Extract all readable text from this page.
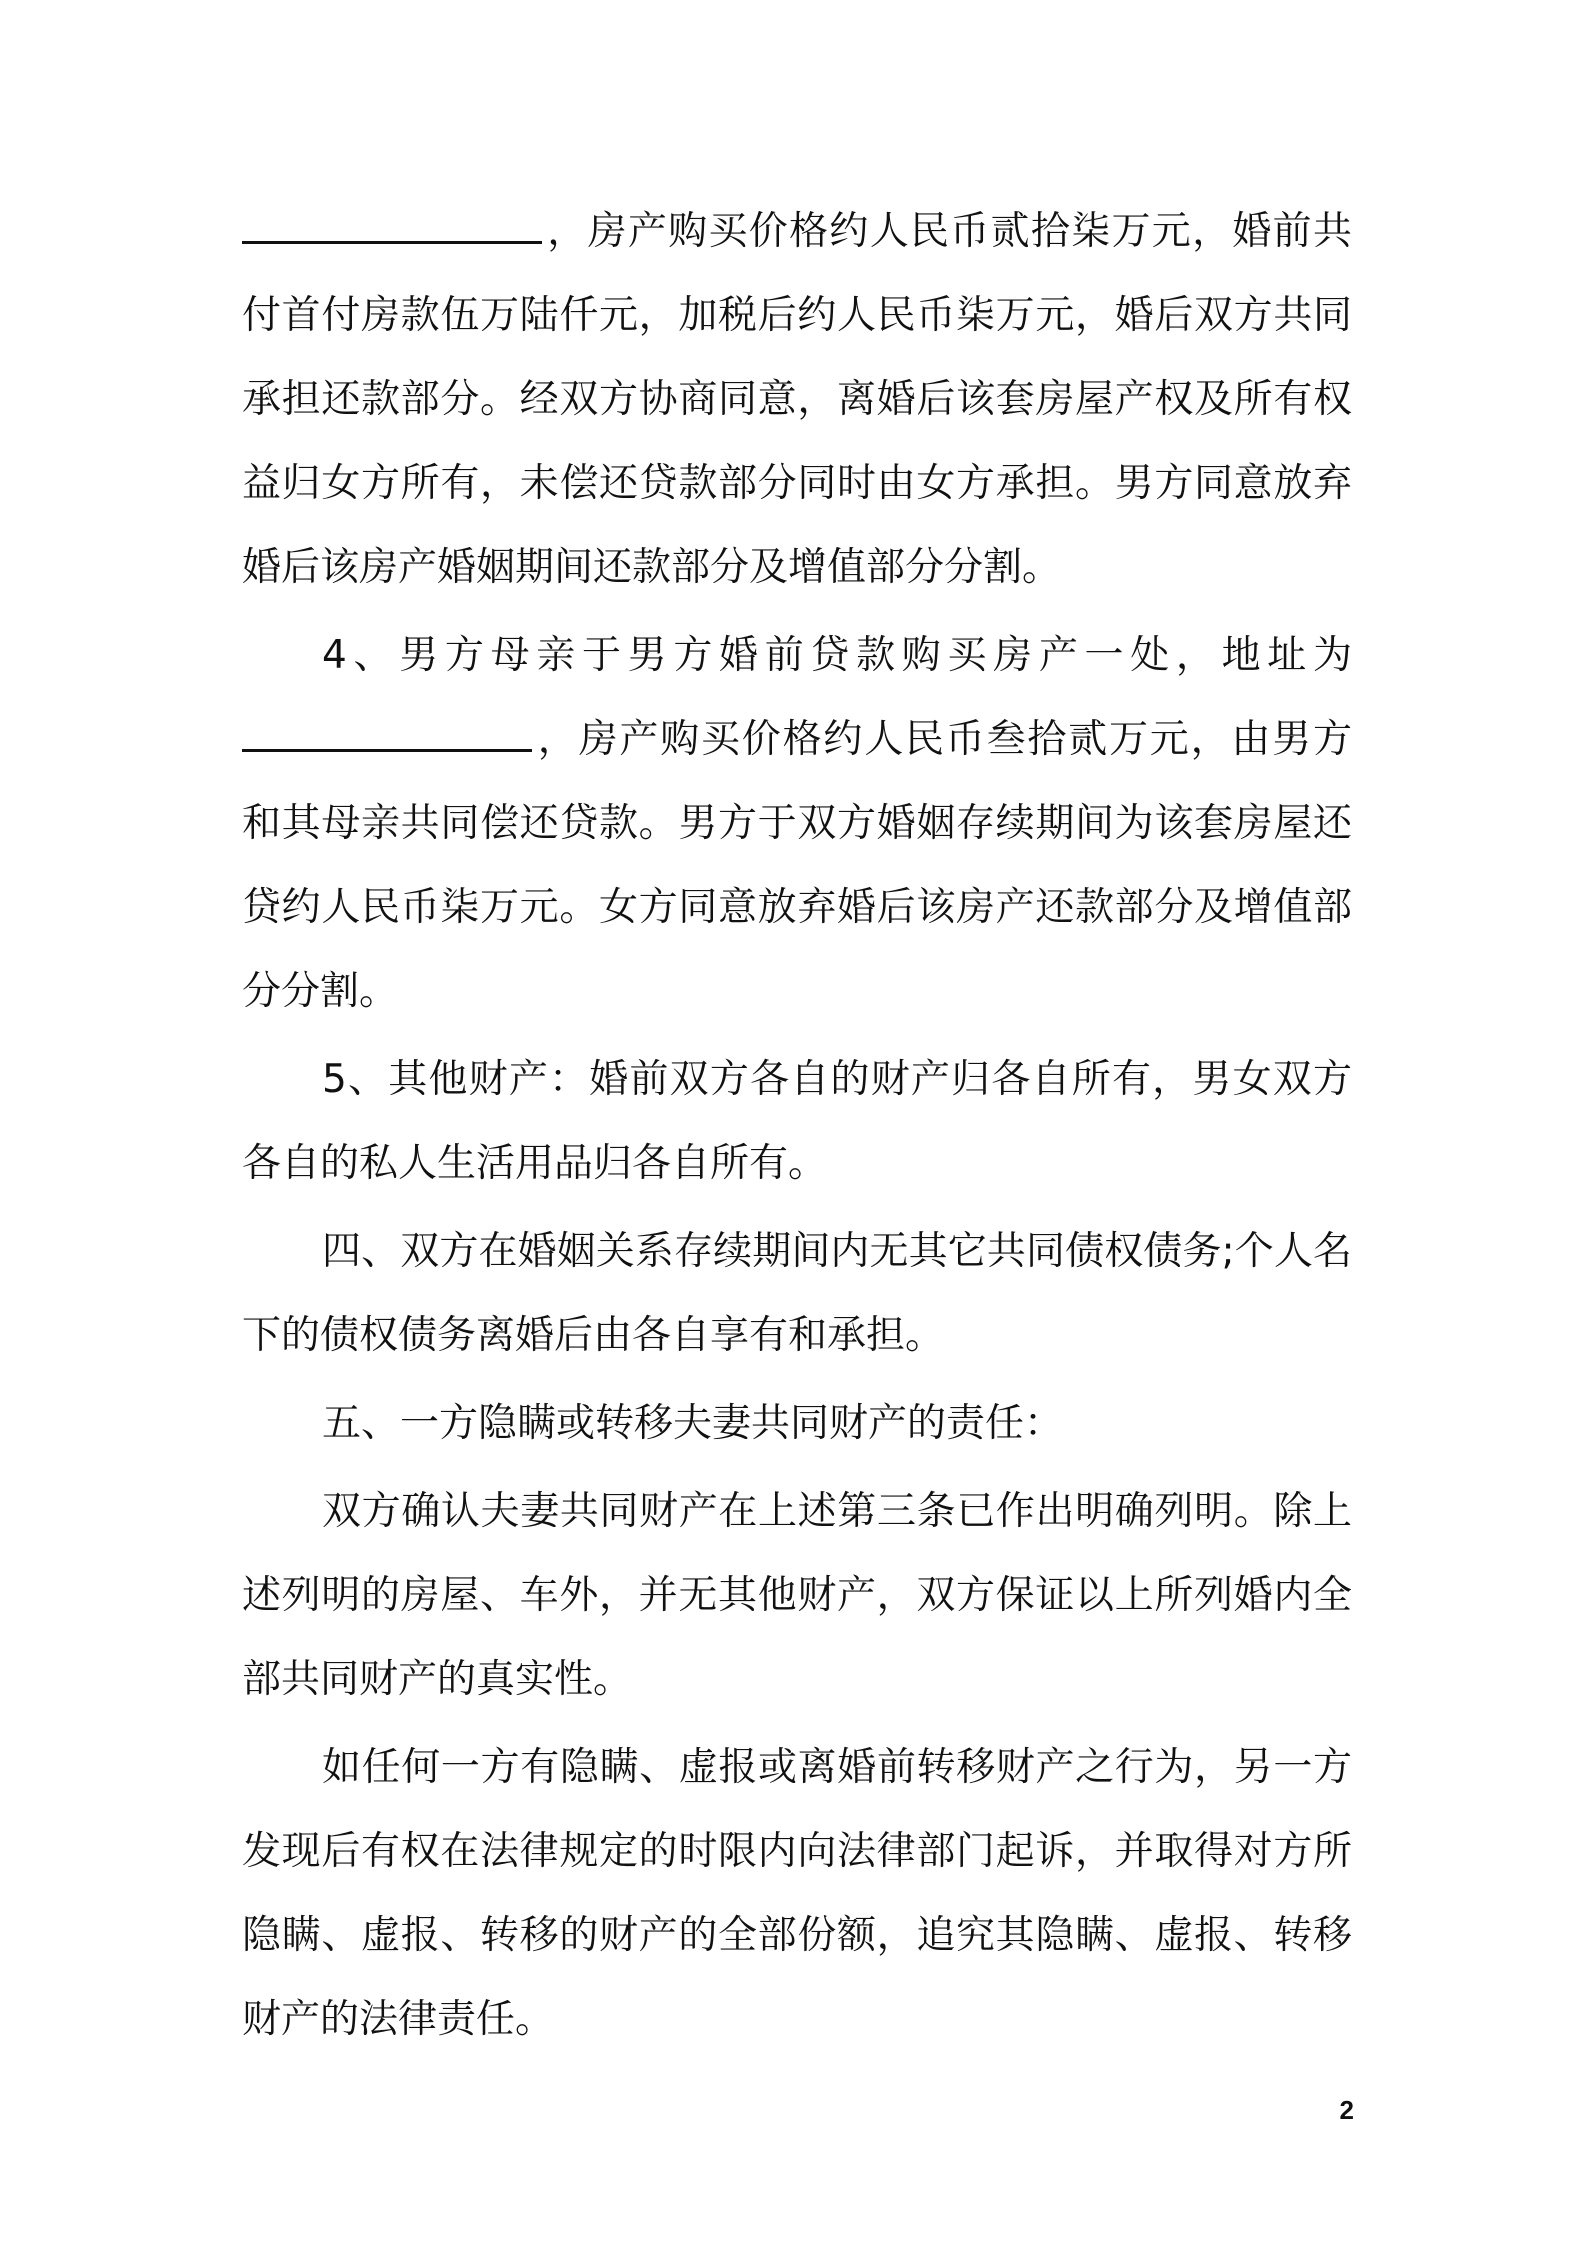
，房产购买价格约人民币贰拾柒万元，婚前共付首付房款伍万陆仟元，加税后约人民币柒万元，婚后双方共同承担还款部分。经双方协商同意，离婚后该套房屋产权及所有权益归女方所有，未偿还贷款部分同时由女方承担。男方同意放弃婚后该房产婚姻期间还款部分及增值部分分割。

4、男方母亲于男方婚前贷款购买房产一处，地址为，房产购买价格约人民币叁拾贰万元，由男方和其母亲共同偿还贷款。男方于双方婚姻存续期间为该套房屋还贷约人民币柒万元。女方同意放弃婚后该房产还款部分及增值部分分割。

5、其他财产：婚前双方各自的财产归各自所有，男女双方各自的私人生活用品归各自所有。

四、双方在婚姻关系存续期间内无其它共同债权债务;个人名下的债权债务离婚后由各自享有和承担。

五、一方隐瞒或转移夫妻共同财产的责任：

双方确认夫妻共同财产在上述第三条已作出明确列明。除上述列明的房屋、车外，并无其他财产，双方保证以上所列婚内全部共同财产的真实性。

如任何一方有隐瞒、虚报或离婚前转移财产之行为，另一方发现后有权在法律规定的时限内向法律部门起诉，并取得对方所隐瞒、虚报、转移的财产的全部份额，追究其隐瞒、虚报、转移财产的法律责任。

2
